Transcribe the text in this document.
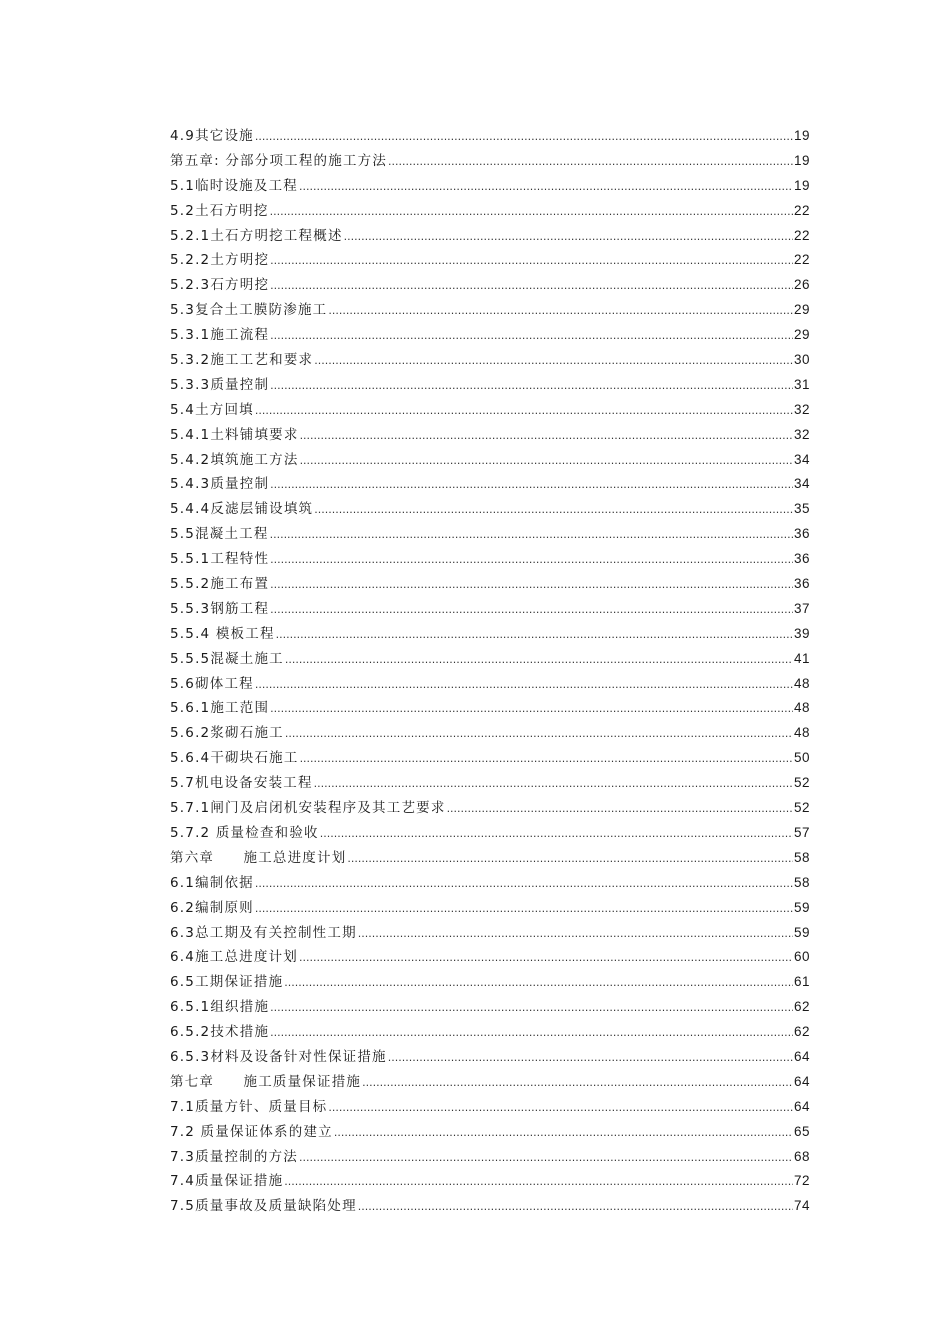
4.9其它设施 .....	19
第五章: 分部分项工程的施工方法 .....	19
5.1临时设施及工程 .....	19
5.2土石方明挖 .....	22
5.2.1土石方明挖工程概述 .....	22
5.2.2土方明挖 .....	22
5.2.3石方明挖 .....	26
5.3复合土工膜防渗施工 .....	29
5.3.1施工流程 .....	29
5.3.2施工工艺和要求 .....	30
5.3.3质量控制 .....	31
5.4土方回填 .....	32
5.4.1土料铺填要求 .....	32
5.4.2填筑施工方法 .....	34
5.4.3质量控制 .....	34
5.4.4反滤层铺设填筑 .....	35
5.5混凝土工程 .....	36
5.5.1工程特性 .....	36
5.5.2施工布置 .....	36
5.5.3钢筋工程 .....	37
5.5.4 模板工程 .....	39
5.5.5混凝土施工 .....	41
5.6砌体工程 .....	48
5.6.1施工范围 .....	48
5.6.2浆砌石施工 .....	48
5.6.4干砌块石施工 .....	50
5.7机电设备安装工程 .....	52
5.7.1闸门及启闭机安装程序及其工艺要求 .....	52
5.7.2 质量检查和验收 .....	57
第六章　　施工总进度计划 .....	58
6.1编制依据 .....	58
6.2编制原则 .....	59
6.3总工期及有关控制性工期 .....	59
6.4施工总进度计划 .....	60
6.5工期保证措施 .....	61
6.5.1组织措施 .....	62
6.5.2技术措施 .....	62
6.5.3材料及设备针对性保证措施 .....	64
第七章　　施工质量保证措施 .....	64
7.1质量方针、质量目标 .....	64
7.2 质量保证体系的建立 .....	65
7.3质量控制的方法 .....	68
7.4质量保证措施 .....	72
7.5质量事故及质量缺陷处理 .....	74
